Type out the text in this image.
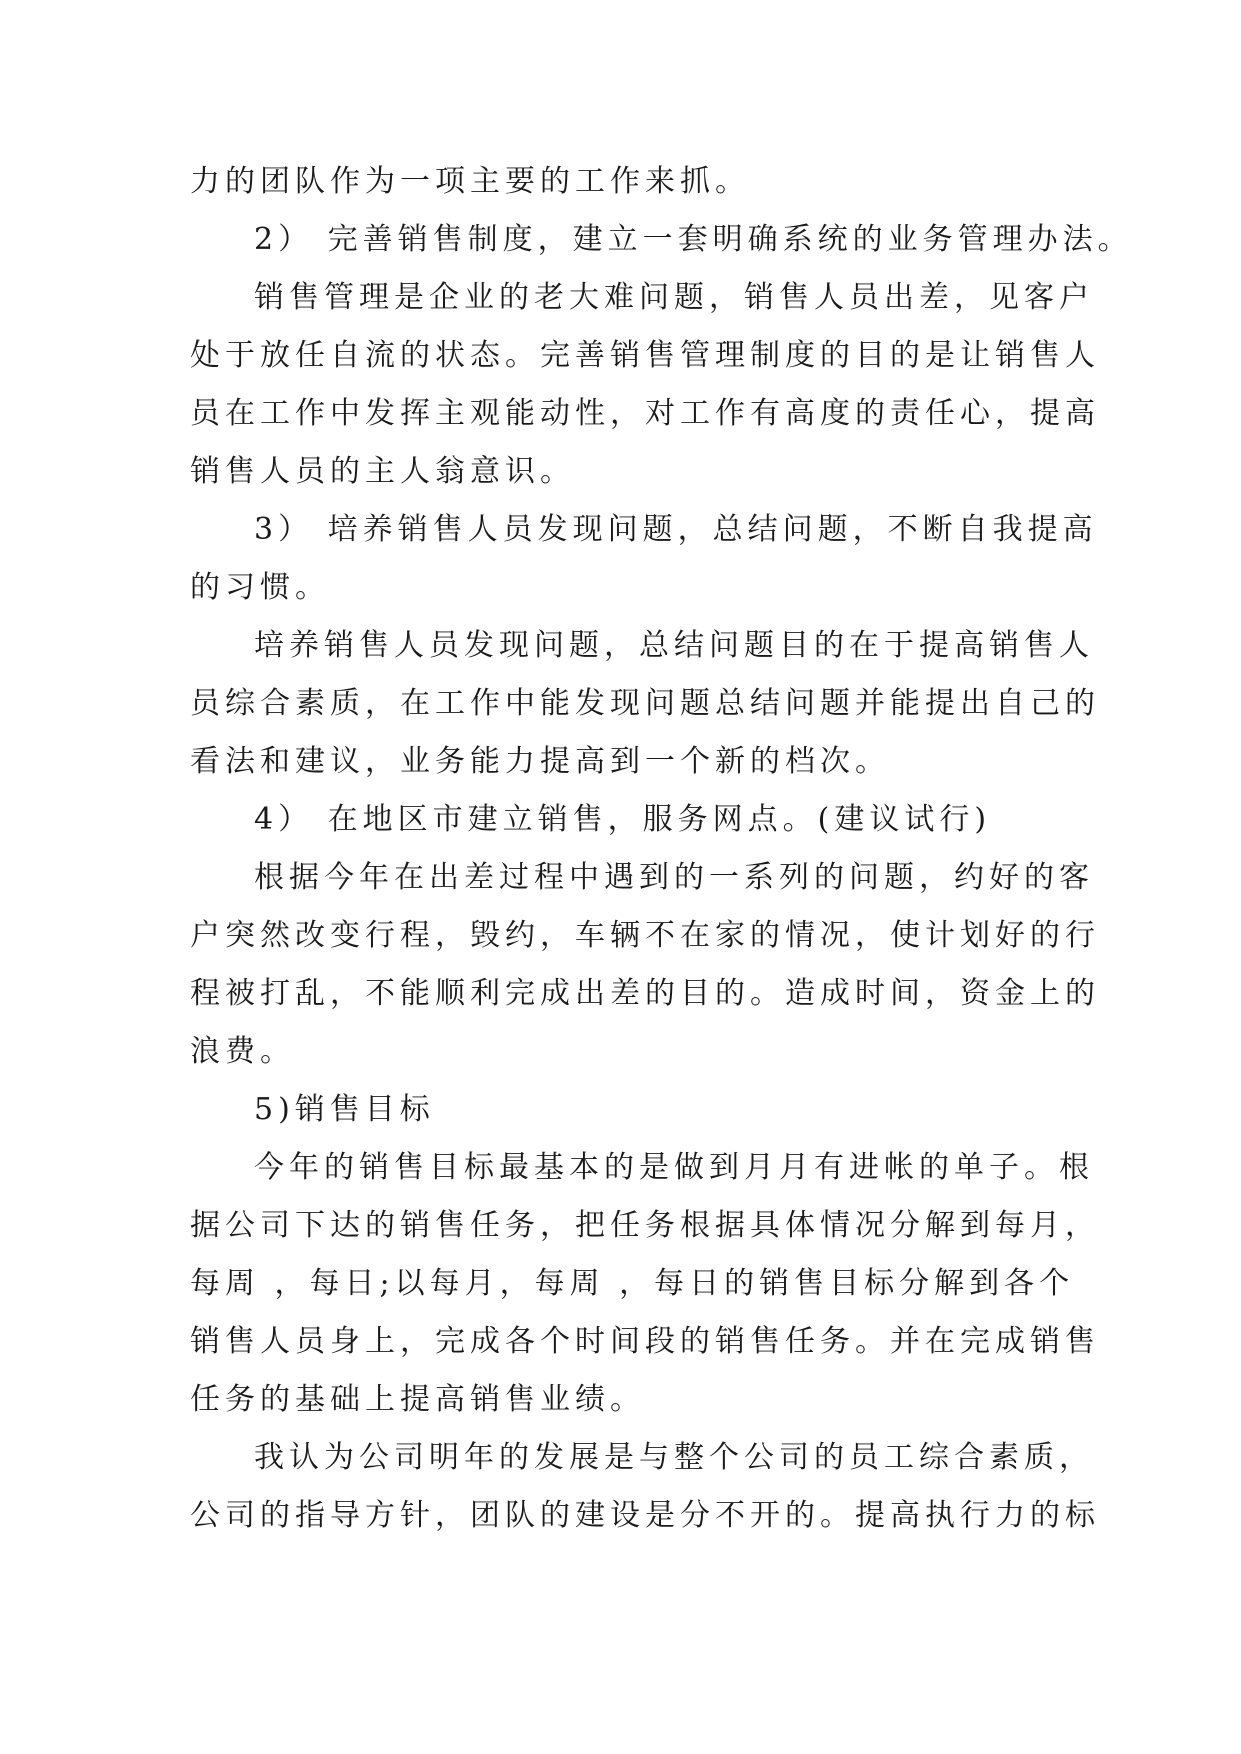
力的团队作为一项主要的工作来抓。
2） 完善销售制度，建立一套明确系统的业务管理办法。
销售管理是企业的老大难问题，销售人员出差，见客户
处于放任自流的状态。完善销售管理制度的目的是让销售人
员在工作中发挥主观能动性，对工作有高度的责任心，提高
销售人员的主人翁意识。
3） 培养销售人员发现问题，总结问题，不断自我提高
的习惯。
培养销售人员发现问题，总结问题目的在于提高销售人
员综合素质，在工作中能发现问题总结问题并能提出自己的
看法和建议，业务能力提高到一个新的档次。
4） 在地区市建立销售，服务网点。(建议试行)
根据今年在出差过程中遇到的一系列的问题，约好的客
户突然改变行程，毁约，车辆不在家的情况，使计划好的行
程被打乱，不能顺利完成出差的目的。造成时间，资金上的
浪费。
5)销售目标
今年的销售目标最基本的是做到月月有进帐的单子。根
据公司下达的销售任务，把任务根据具体情况分解到每月，
每周 ，每日;以每月，每周 ，每日的销售目标分解到各个
销售人员身上，完成各个时间段的销售任务。并在完成销售
任务的基础上提高销售业绩。
我认为公司明年的发展是与整个公司的员工综合素质，
公司的指导方针，团队的建设是分不开的。提高执行力的标
